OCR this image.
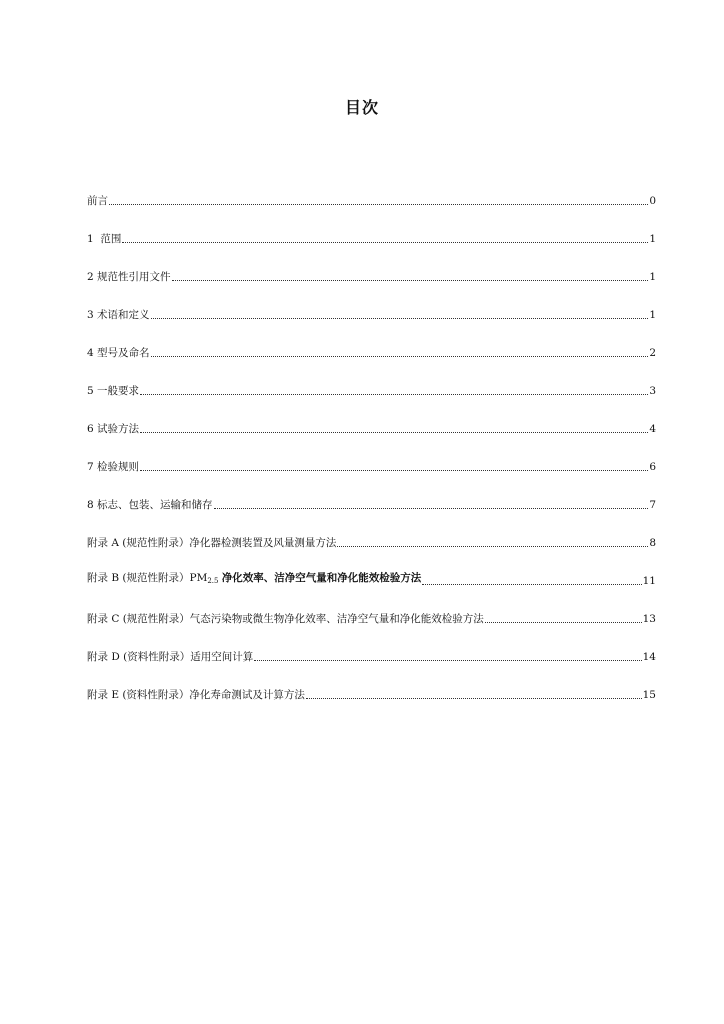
目次
前言	0
1  范围	1
2 规范性引用文件	1
3 术语和定义	1
4 型号及命名	2
5 一般要求	3
6 试验方法	4
7 检验规则	6
8 标志、包装、运输和储存	7
附录 A (规范性附录）净化器检测装置及风量测量方法	8
附录 B (规范性附录）$PM_{2.5}$ 净化效率、洁净空气量和净化能效检验方法	11
附录 C (规范性附录）气态污染物或微生物净化效率、洁净空气量和净化能效检验方法	13
附录 D (资料性附录）适用空间计算	14
附录 E (资料性附录）净化寿命测试及计算方法	15
